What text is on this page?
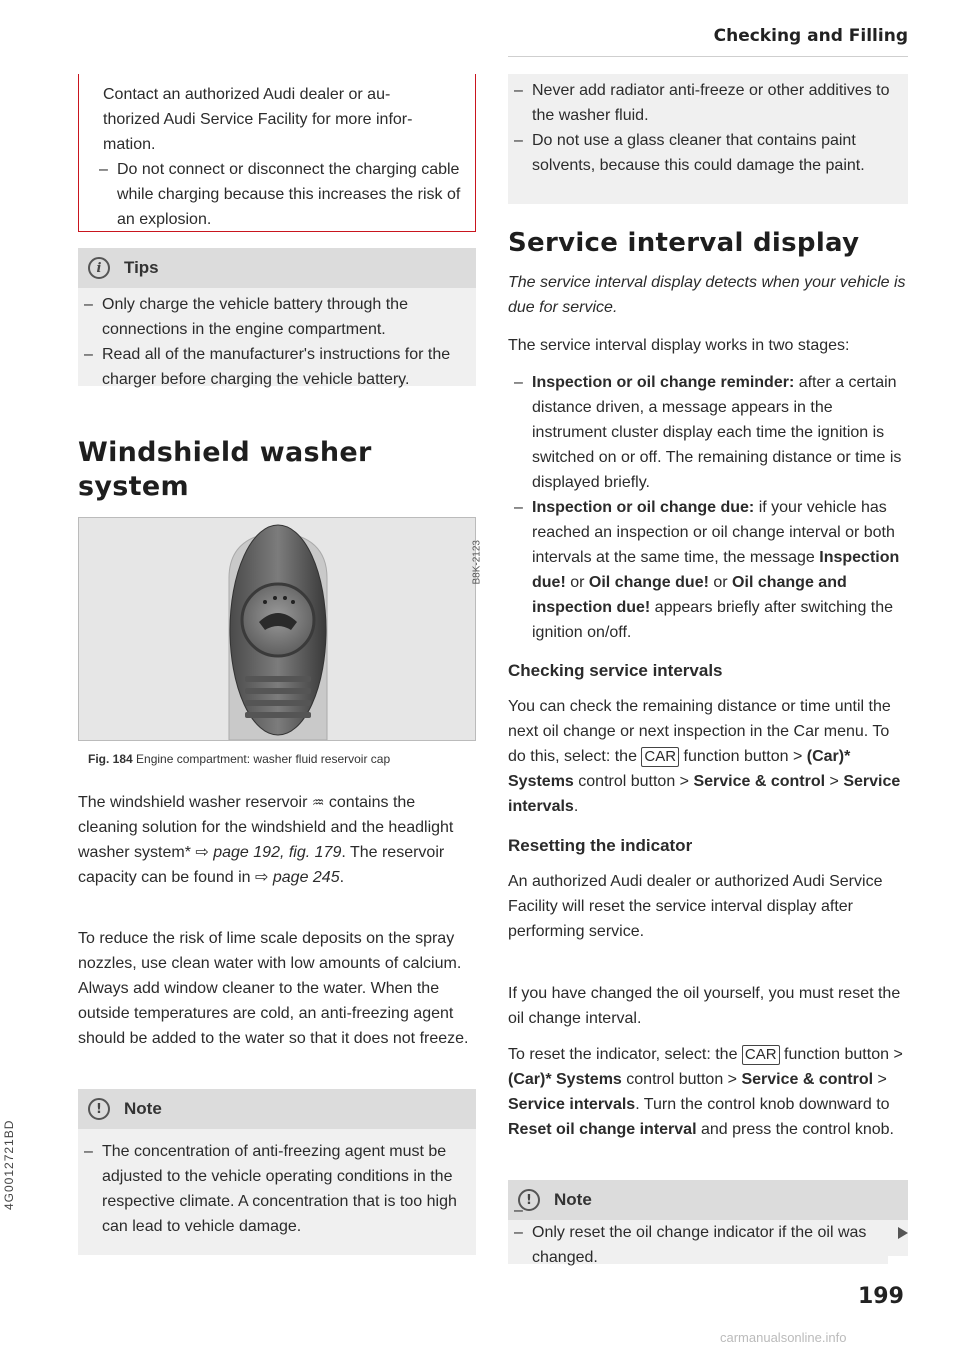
Checking and Filling

Contact an authorized Audi dealer or au-

thorized Audi Service Facility for more infor-

mation.

– Do not connect or disconnect the charging cable while charging because this increases the risk of an explosion.
i	Tips
– Only charge the vehicle battery through the connections in the engine compartment.
– Read all of the manufacturer's instructions for the charger before charging the vehicle battery.
Windshield washer
system
B8K-2123
Fig. 184 Engine compartment: washer fluid reservoir cap

The windshield washer reservoir ♒ contains the cleaning solution for the windshield and the headlight washer system* ⇨ page 192, fig. 179. The reservoir capacity can be found in ⇨ page 245.

To reduce the risk of lime scale deposits on the spray nozzles, use clean water with low amounts of calcium. Always add window cleaner to the water. When the outside temperatures are cold, an anti-freezing agent should be added to the water so that it does not freeze.

!	Note
– The concentration of anti-freezing agent must be adjusted to the vehicle operating conditions in the respective climate. A concentration that is too high can lead to vehicle damage.
4G0012721BD
– Never add radiator anti-freeze or other additives to the washer fluid.
– Do not use a glass cleaner that contains paint solvents, because this could damage the paint.
Service interval display

The service interval display detects when your vehicle is due for service.

The service interval display works in two stages:

– Inspection or oil change reminder: after a certain distance driven, a message appears in the instrument cluster display each time the ignition is switched on or off. The remaining distance or time is displayed briefly.
– Inspection or oil change due: if your vehicle has reached an inspection or oil change interval or both intervals at the same time, the message Inspection due! or Oil change due! or Oil change and inspection due! appears briefly after switching the ignition on/off.
Checking service intervals

You can check the remaining distance or time until the next oil change or next inspection in the Car menu. To do this, select: the CAR function button > (Car)* Systems control button > Service & control > Service intervals.

Resetting the indicator

An authorized Audi dealer or authorized Audi Service Facility will reset the service interval display after performing service.

If you have changed the oil yourself, you must reset the oil change interval.

To reset the indicator, select: the CAR function button > (Car)* Systems control button > Service & control > Service intervals. Turn the control knob downward to Reset oil change interval and press the control knob.

!	Note
– Only reset the oil change indicator if the oil was changed.
199
carmanualsonline.info
